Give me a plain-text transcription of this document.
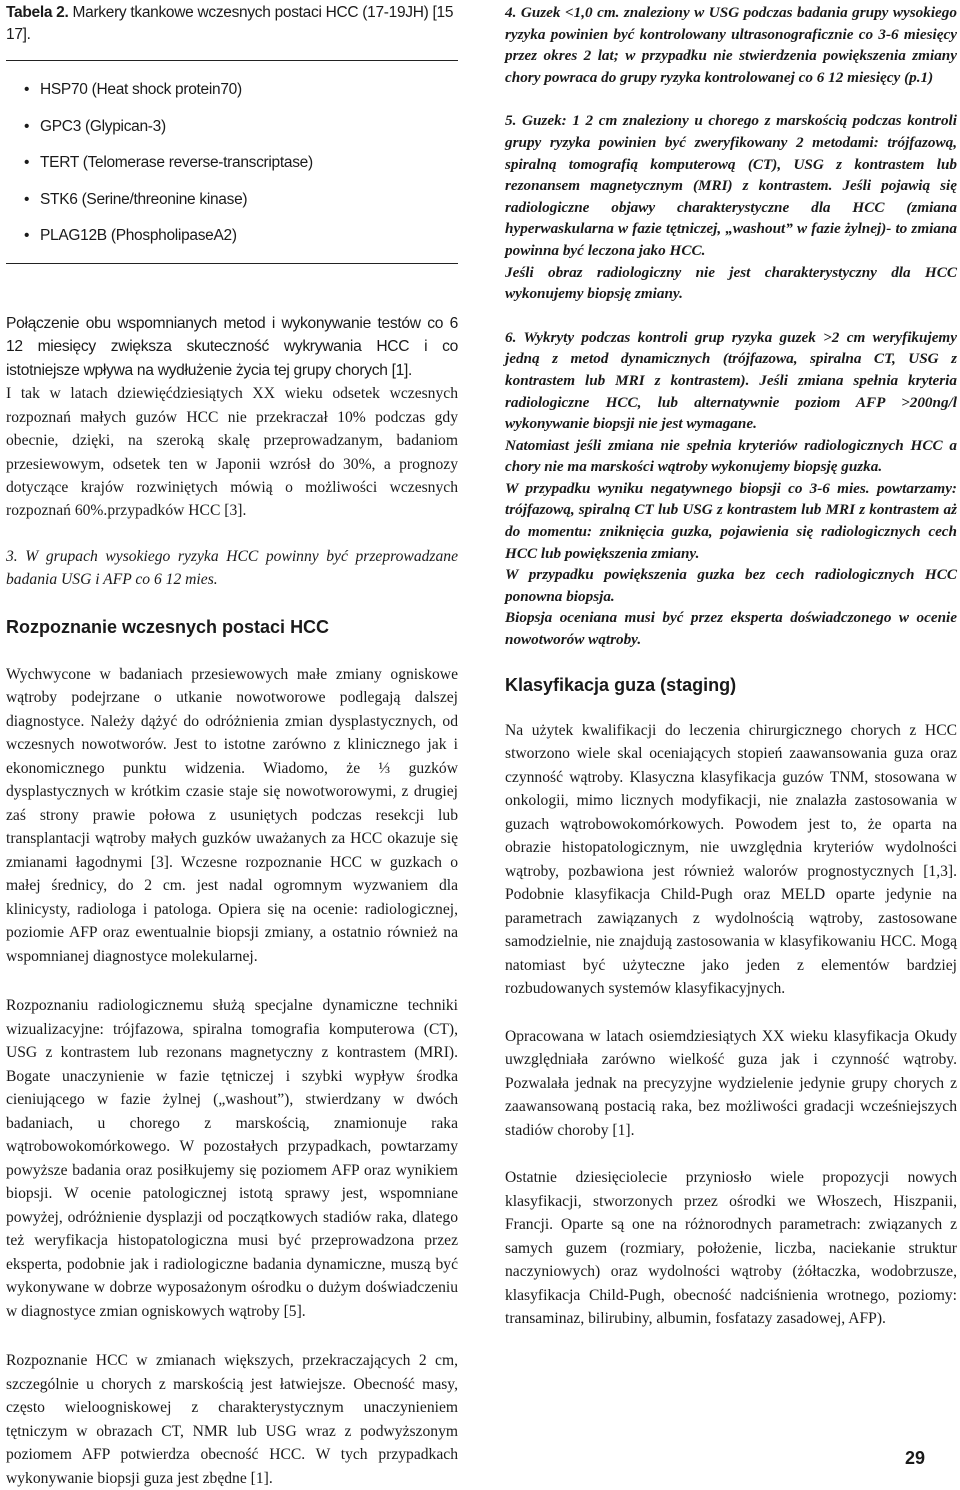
Tabela 2. Markery tkankowe wczesnych postaci HCC (17-19JH) [15 17].

• HSP70 (Heat shock protein70)
• GPC3 (Glypican-3)
• TERT (Telomerase reverse-transcriptase)
• STK6 (Serine/threonine kinase)
• PLAG12B (PhospholipaseA2)

Połączenie obu wspomnianych metod i wykonywanie testów co 6 12 miesięcy zwiększa skuteczność wykrywania HCC i co istotniejsze wpływa na wydłużenie życia tej grupy chorych [1].

I tak w latach dziewięćdziesiątych XX wieku odsetek wczesnych rozpoznań małych guzów HCC nie przekraczał 10% podczas gdy obecnie, dzięki, na szeroką skalę przeprowadzanym, badaniom przesiewowym, odsetek ten w Japonii wzrósł do 30%, a prognozy dotyczące krajów rozwiniętych mówią o możliwości wczesnych rozpoznań 60%.przypadków HCC [3].

3. W grupach wysokiego ryzyka HCC powinny być przeprowadzane badania USG i AFP co 6 12 mies.

Rozpoznanie wczesnych postaci HCC

Wychwycone w badaniach przesiewowych małe zmiany ogniskowe wątroby podejrzane o utkanie nowotworowe podlegają dalszej diagnostyce. Należy dążyć do odróżnienia zmian dysplastycznych, od wczesnych nowotworów. Jest to istotne zarówno z klinicznego jak i ekonomicznego punktu widzenia. Wiadomo, że ⅓ guzków dysplastycznych w krótkim czasie staje się nowotworowymi, z drugiej zaś strony prawie połowa z usuniętych podczas resekcji lub transplantacji wątroby małych guzków uważanych za HCC okazuje się zmianami łagodnymi [3]. Wczesne rozpoznanie HCC w guzkach o małej średnicy, do 2 cm. jest nadal ogromnym wyzwaniem dla klinicysty, radiologa i patologa. Opiera się na ocenie: radiologicznej, poziomie AFP oraz ewentualnie biopsji zmiany, a ostatnio również na wspomnianej diagnostyce molekularnej.

Rozpoznaniu radiologicznemu służą specjalne dynamiczne techniki wizualizacyjne: trójfazowa, spiralna tomografia komputerowa (CT), USG z kontrastem lub rezonans magnetyczny z kontrastem (MRI). Bogate unaczynienie w fazie tętniczej i szybki wypływ środka cieniującego w fazie żylnej („washout”), stwierdzany w dwóch badaniach, u chorego z marskością, znamionuje raka wątrobowokomórkowego. W pozostałych przypadkach, powtarzamy powyższe badania oraz posiłkujemy się poziomem AFP oraz wynikiem biopsji. W ocenie patologicznej istotą sprawy jest, wspomniane powyżej, odróżnienie dysplazji od początkowych stadiów raka, dlatego też weryfikacja histopatologiczna musi być przeprowadzona przez eksperta, podobnie jak i radiologiczne badania dynamiczne, muszą być wykonywane w dobrze wyposażonym ośrodku o dużym doświadczeniu w diagnostyce zmian ogniskowych wątroby [5].

Rozpoznanie HCC w zmianach większych, przekraczających 2 cm, szczególnie u chorych z marskością jest łatwiejsze. Obecność masy, często wieloogniskowej z charakterystycznym unaczynieniem tętniczym w obrazach CT, NMR lub USG wraz z podwyższonym poziomem AFP potwierdza obecność HCC. W tych przypadkach wykonywanie biopsji guza jest zbędne [1].

4. Guzek <1,0 cm. znaleziony w USG podczas badania grupy wysokiego ryzyka powinien być kontrolowany ultrasonograficznie co 3-6 miesięcy przez okres 2 lat; w przypadku nie stwierdzenia powiększenia zmiany chory powraca do grupy ryzyka kontrolowanej co 6 12 miesięcy (p.1)

5. Guzek: 1 2 cm znaleziony u chorego z marskością podczas kontroli grupy ryzyka powinien być zweryfikowany 2 metodami: trójfazową, spiralną tomografią komputerową (CT), USG z kontrastem lub rezonansem magnetycznym (MRI) z kontrastem. Jeśli pojawią się radiologiczne objawy charakterystyczne dla HCC (zmiana hyperwaskularna w fazie tętniczej, „washout” w fazie żylnej)- to zmiana powinna być leczona jako HCC.

Jeśli obraz radiologiczny nie jest charakterystyczny dla HCC wykonujemy biopsję zmiany.

6. Wykryty podczas kontroli grup ryzyka guzek >2 cm weryfikujemy jedną z metod dynamicznych (trójfazowa, spiralna CT, USG z kontrastem lub MRI z kontrastem). Jeśli zmiana spełnia kryteria radiologiczne HCC, lub alternatywnie poziom AFP >200ng/l wykonywanie biopsji nie jest wymagane.

Natomiast jeśli zmiana nie spełnia kryteriów radiologicznych HCC a chory nie ma marskości wątroby wykonujemy biopsję guzka.

W przypadku wyniku negatywnego biopsji co 3-6 mies. powtarzamy: trójfazową, spiralną CT lub USG z kontrastem lub MRI z kontrastem aż do momentu: zniknięcia guzka, pojawienia się radiologicznych cech HCC lub powiększenia zmiany.

W przypadku powiększenia guzka bez cech radiologicznych HCC ponowna biopsja.

Biopsja oceniana musi być przez eksperta doświadczonego w ocenie nowotworów wątroby.

Klasyfikacja guza (staging)

Na użytek kwalifikacji do leczenia chirurgicznego chorych z HCC stworzono wiele skal oceniających stopień zaawansowania guza oraz czynność wątroby. Klasyczna klasyfikacja guzów TNM, stosowana w onkologii, mimo licznych modyfikacji, nie znalazła zastosowania w guzach wątrobowokomórkowych. Powodem jest to, że oparta na obrazie histopatologicznym, nie uwzględnia kryteriów wydolności wątroby, pozbawiona jest również walorów prognostycznych [1,3]. Podobnie klasyfikacja Child-Pugh oraz MELD oparte jedynie na parametrach zawiązanych z wydolnością wątroby, zastosowane samodzielnie, nie znajdują zastosowania w klasyfikowaniu HCC. Mogą natomiast być użyteczne jako jeden z elementów bardziej rozbudowanych systemów klasyfikacyjnych.

Opracowana w latach osiemdziesiątych XX wieku klasyfikacja Okudy uwzględniała zarówno wielkość guza jak i czynność wątroby. Pozwalała jednak na precyzyjne wydzielenie jedynie grupy chorych z zaawansowaną postacią raka, bez możliwości gradacji wcześniejszych stadiów choroby [1].

Ostatnie dziesięciolecie przyniosło wiele propozycji nowych klasyfikacji, stworzonych przez ośrodki we Włoszech, Hiszpanii, Francji. Oparte są one na różnorodnych parametrach: związanych z samych guzem (rozmiary, położenie, liczba, naciekanie struktur naczyniowych) oraz wydolności wątroby (żółtaczka, wodobrzusze, klasyfikacja Child-Pugh, obecność nadciśnienia wrotnego, poziomy: transaminaz, bilirubiny, albumin, fosfatazy zasadowej, AFP).

29
